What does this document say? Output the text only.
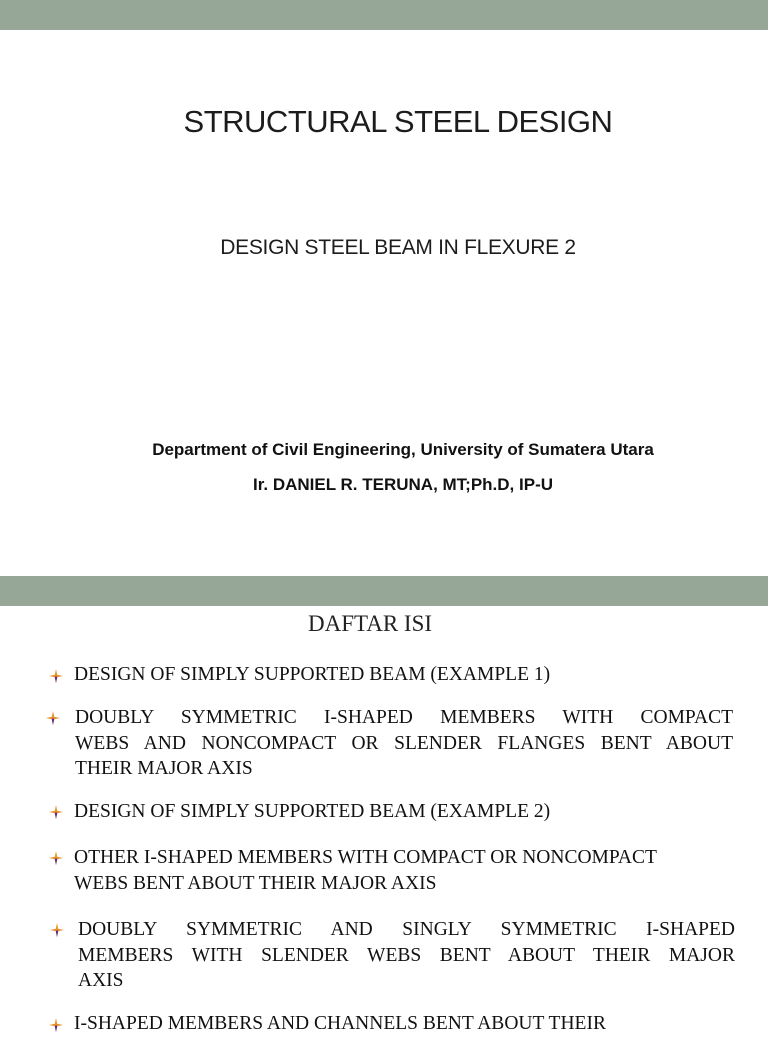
STRUCTURAL STEEL DESIGN
DESIGN STEEL BEAM IN FLEXURE 2
Department of Civil Engineering, University of Sumatera Utara
Ir. DANIEL R. TERUNA, MT;Ph.D, IP-U
DAFTAR ISI
DESIGN OF SIMPLY SUPPORTED BEAM (EXAMPLE 1)
DOUBLY SYMMETRIC I-SHAPED MEMBERS WITH COMPACT
WEBS AND NONCOMPACT OR SLENDER FLANGES BENT ABOUT
THEIR MAJOR AXIS
DESIGN OF SIMPLY SUPPORTED BEAM (EXAMPLE 2)
OTHER I-SHAPED MEMBERS WITH COMPACT OR NONCOMPACT
WEBS BENT ABOUT THEIR MAJOR AXIS
DOUBLY SYMMETRIC AND SINGLY SYMMETRIC I-SHAPED
MEMBERS WITH SLENDER WEBS BENT ABOUT THEIR MAJOR
AXIS
I-SHAPED MEMBERS AND CHANNELS BENT ABOUT THEIR
